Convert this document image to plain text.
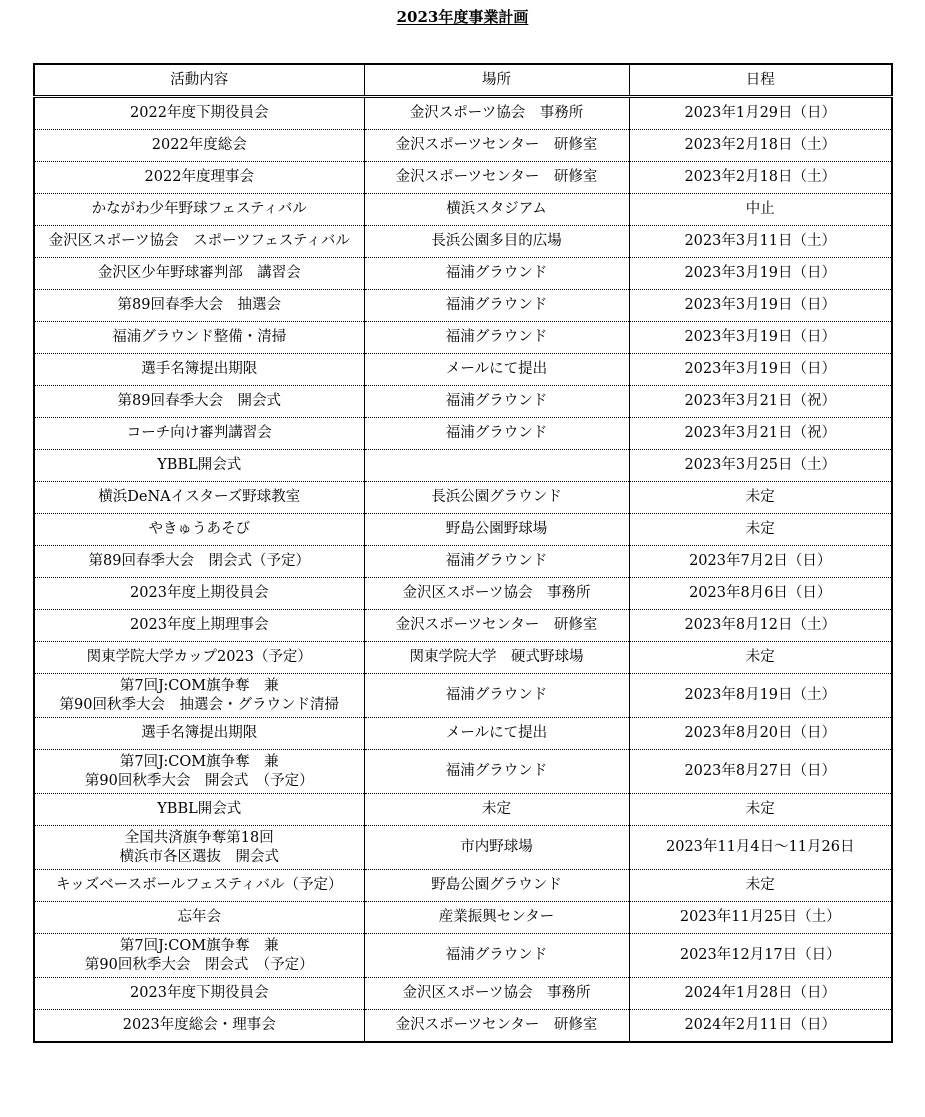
2023年度事業計画
活動内容	場所	日程

2022年度下期役員会	金沢スポーツ協会　事務所	2023年1月29日（日）

2022年度総会	金沢スポーツセンター　研修室	2023年2月18日（土）

2022年度理事会	金沢スポーツセンター　研修室	2023年2月18日（土）

かながわ少年野球フェスティバル	横浜スタジアム	中止

金沢区スポーツ協会　スポーツフェスティバル	長浜公園多目的広場	2023年3月11日（土）

金沢区少年野球審判部　講習会	福浦グラウンド	2023年3月19日（日）

第89回春季大会　抽選会	福浦グラウンド	2023年3月19日（日）

福浦グラウンド整備・清掃	福浦グラウンド	2023年3月19日（日）

選手名簿提出期限	メールにて提出	2023年3月19日（日）

第89回春季大会　開会式	福浦グラウンド	2023年3月21日（祝）

コーチ向け審判講習会	福浦グラウンド	2023年3月21日（祝）

YBBL開会式		2023年3月25日（土）

横浜DeNAイスターズ野球教室	長浜公園グラウンド	未定

やきゅうあそび	野島公園野球場	未定

第89回春季大会　閉会式（予定）	福浦グラウンド	2023年7月2日（日）

2023年度上期役員会	金沢区スポーツ協会　事務所	2023年8月6日（日）

2023年度上期理事会	金沢スポーツセンター　研修室	2023年8月12日（土）

関東学院大学カップ2023（予定）	関東学院大学　硬式野球場	未定

第7回J:COM旗争奪　兼
第90回秋季大会　抽選会・グラウンド清掃	福浦グラウンド	2023年8月19日（土）

選手名簿提出期限	メールにて提出	2023年8月20日（日）

第7回J:COM旗争奪　兼
第90回秋季大会　開会式　（予定）	福浦グラウンド	2023年8月27日（日）

YBBL開会式	未定	未定

全国共済旗争奪第18回
横浜市各区選抜　開会式	市内野球場	2023年11月4日～11月26日

キッズベースボールフェスティバル（予定）	野島公園グラウンド	未定

忘年会	産業振興センター	2023年11月25日（土）

第7回J:COM旗争奪　兼
第90回秋季大会　閉会式　（予定）	福浦グラウンド	2023年12月17日（日）

2023年度下期役員会	金沢区スポーツ協会　事務所	2024年1月28日（日）

2023年度総会・理事会	金沢スポーツセンター　研修室	2024年2月11日（日）
